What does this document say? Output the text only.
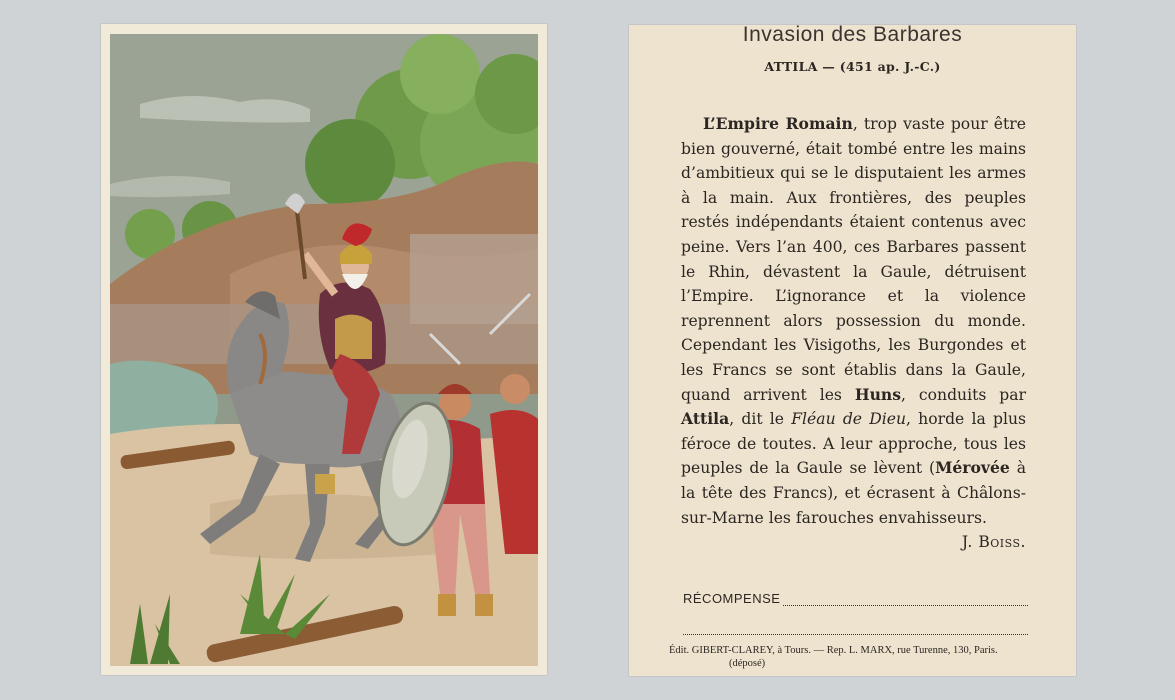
Invasion des Barbares
ATTILA — (451 ap. J.-C.)
L’Empire Romain, trop vaste pour être bien gouverné, était tombé entre les mains d’ambitieux qui se le disputaient les armes à la main. Aux frontières, des peuples restés indépendants étaient contenus avec peine. Vers l’an 400, ces Barbares passent le Rhin, dévastent la Gaule, détruisent l’Empire. L’ignorance et la violence reprennent alors possession du monde. Cependant les Visigoths, les Burgondes et les Francs se sont établis dans la Gaule, quand arrivent les Huns, conduits par Attila, dit le Fléau de Dieu, horde la plus féroce de toutes. A leur approche, tous les peuples de la Gaule se lèvent (Mérovée à la tête des Francs), et écrasent à Châlons-sur-Marne les farouches envahisseurs.
J. Boiss.
RÉCOMPENSE
Édit. GIBERT-CLAREY, à Tours. — Rep. L. MARX, rue Turenne, 130, Paris.
(déposé)
